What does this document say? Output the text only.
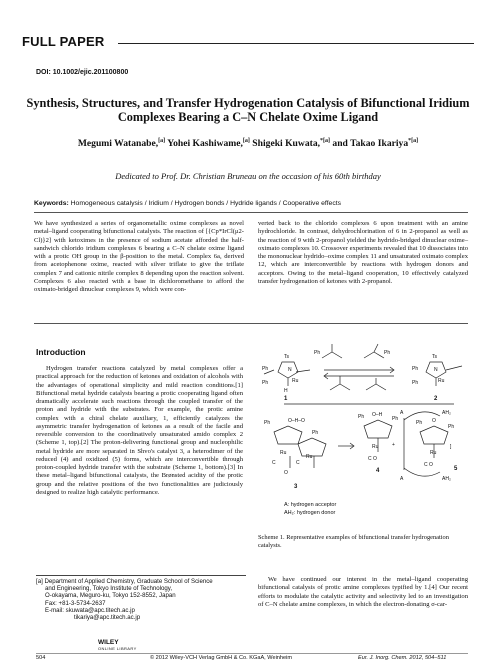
FULL PAPER
DOI: 10.1002/ejic.201100800
Synthesis, Structures, and Transfer Hydrogenation Catalysis of Bifunctional Iridium Complexes Bearing a C–N Chelate Oxime Ligand
Megumi Watanabe,[a] Yohei Kashiwame,[a] Shigeki Kuwata,$^{*[a]}$ and Takao Ikariya$^{*[a]}$
Dedicated to Prof. Dr. Christian Bruneau on the occasion of his 60th birthday
Keywords: Homogeneous catalysis / Iridium / Hydrogen bonds / Hydride ligands / Cooperative effects
We have synthesized a series of organometallic oxime complexes as novel metal–ligand cooperating bifunctional catalysts. The reaction of [{Cp*IrCl(μ2-Cl)}2] with ketoximes in the presence of sodium acetate afforded the half-sandwich chlorido iridium complexes 6 bearing a C–N chelate oxime ligand with a protic OH group in the β-position to the metal. Complex 6a, derived from acetophenone oxime, reacted with silver triflate to give the triflate complex 7 and cationic nitrile complex 8 depending upon the reaction solvent. Complexes 6 also reacted with a base in dichloromethane to afford the oximato-bridged dinuclear complexes 9, which were con-
verted back to the chlorido complexes 6 upon treatment with an amine hydrochloride. In contrast, dehydrochlorination of 6 in 2-propanol as well as the reaction of 9 with 2-propanol yielded the hydrido-bridged dinuclear oxime–oximato complexes 10. Crossover experiments revealed that 10 dissociates into the mononuclear hydrido–oxime complex 11 and unsaturated oximato complex 12, which are interconvertible by reactions with hydrogen donors and acceptors. Owing to the metal–ligand cooperation, 10 effectively catalyzed transfer hydrogenation of ketones with 2-propanol.
Introduction
Hydrogen transfer reactions catalyzed by metal complexes offer a practical approach for the reduction of ketones and oxidation of alcohols with the advantages of operational simplicity and mild reaction conditions.[1] Bifunctional metal hydride catalysts bearing a protic cooperating ligand often dramatically accelerate such reactions through the coupled transfer of the proton and hydride with the substrates. For example, the protic amine complex with a chiral chelate auxiliary, 1, efficiently catalyzes the asymmetric transfer hydrogenation of ketones as a result of the facile and reversible conversion to the coordinatively unsaturated amido complex 2 (Scheme 1, top).[2] The proton-delivering functional group and nucleophilic metal hydride are more separated in Shvo's catalyst 3, a heterodimer of the reduced (4) and oxidized (5) forms, which are interconvertible through proton-coupled hydride transfer with the substrate (Scheme 1, bottom).[3] In these metal–ligand bifunctional catalysts, the Brønsted acidity of the protic group and the relative positions of the two functionalities are judiciously designed to realize high catalytic performance.
Ts
Ph
Ph
N
Ru
H
Ts
Ph
Ph
N
Ru
Ph	Ph
Ph	O–H–O
Ph
Ru
Ru
C	C
O
Ph O–H
Ph
Ru
C O
Ph O
Ph
Ru
C O
A	AH₂
A	AH₂
+	]
1	2
3
4	5
A: hydrogen acceptor
AH₂: hydrogen donor
Scheme 1. Representative examples of bifunctional transfer hydrogenation catalysts.
[a] Department of Applied Chemistry, Graduate School of Science
and Engineering, Tokyo Institute of Technology,
O-okayama, Meguro-ku, Tokyo 152-8552, Japan
Fax: +81-3-5734-2637
E-mail: skuwata@apc.titech.ac.jp
tikariya@apc.titech.ac.jp
We have continued our interest in the metal–ligand cooperating bifunctional catalysis of protic amine complexes typified by 1.[4] Our recent efforts to modulate the catalytic activity and selectivity led to an investigation of C–N chelate amine complexes, in which the electron-donating σ-car-
WILEY
ONLINE LIBRARY
504	© 2012 Wiley-VCH Verlag GmbH & Co. KGaA, Weinheim	Eur. J. Inorg. Chem. 2012, 504–511
